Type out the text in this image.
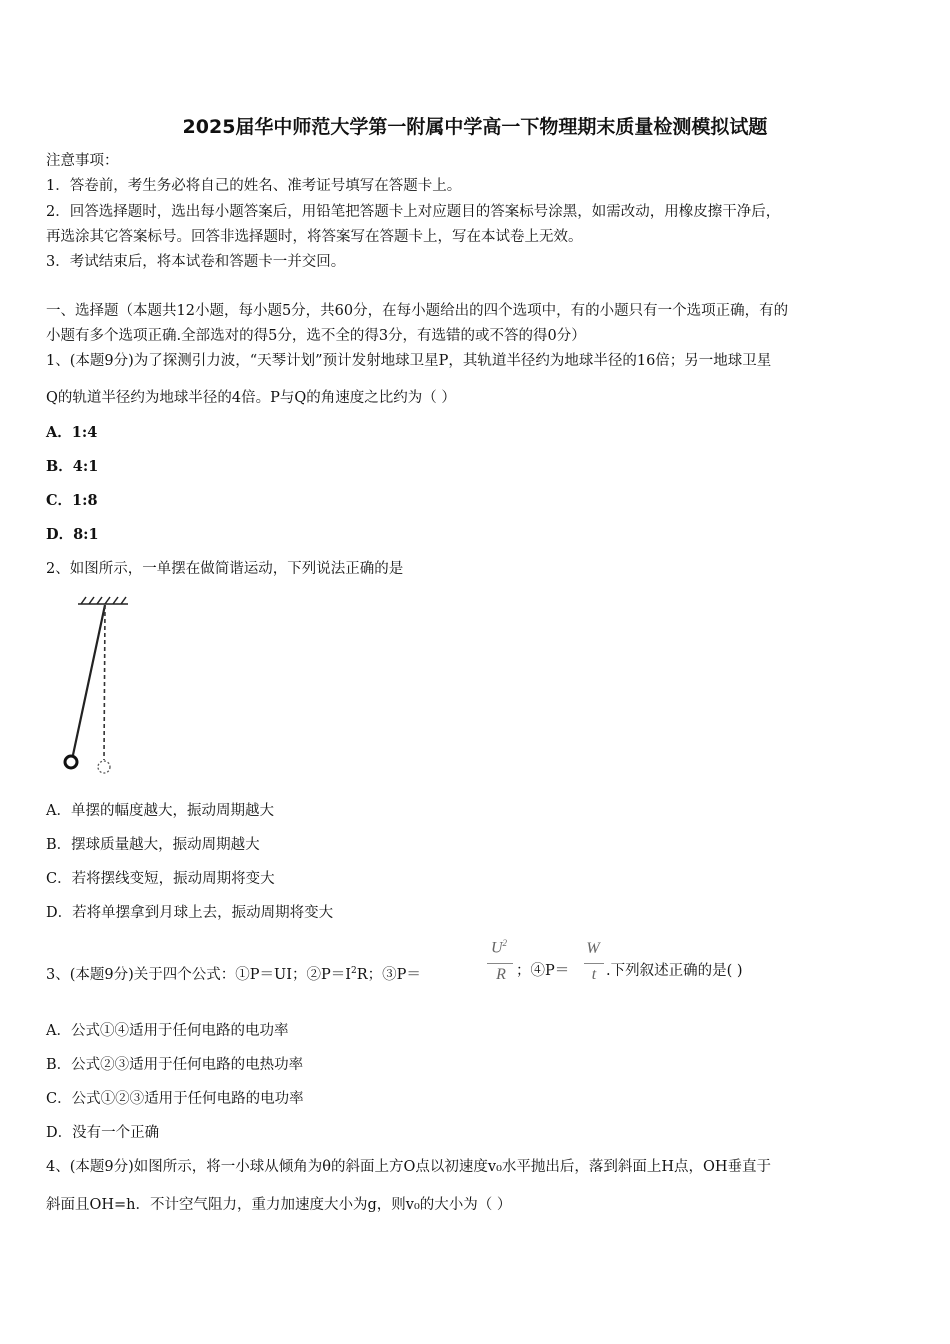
2025届华中师范大学第一附属中学高一下物理期末质量检测模拟试题
注意事项：
1．答卷前，考生务必将自己的姓名、准考证号填写在答题卡上。
2．回答选择题时，选出每小题答案后，用铅笔把答题卡上对应题目的答案标号涂黑，如需改动，用橡皮擦干净后，
再选涂其它答案标号。回答非选择题时，将答案写在答题卡上，写在本试卷上无效。
3．考试结束后，将本试卷和答题卡一并交回。
一、选择题（本题共12小题，每小题5分，共60分，在每小题给出的四个选项中，有的小题只有一个选项正确，有的
小题有多个选项正确.全部选对的得5分，选不全的得3分，有选错的或不答的得0分）
1、(本题9分)为了探测引力波，“天琴计划”预计发射地球卫星P，其轨道半径约为地球半径的16倍；另一地球卫星
Q的轨道半径约为地球半径的4倍。P与Q的角速度之比约为（ ）
A．1:4
B．4:1
C．1:8
D．8:1
2、如图所示，一单摆在做简谐运动，下列说法正确的是
A．单摆的幅度越大，振动周期越大
B．摆球质量越大，振动周期越大
C．若将摆线变短，振动周期将变大
D．若将单摆拿到月球上去，振动周期将变大
3、(本题9分)关于四个公式：①P＝UI；$②P=I^2R$；③P＝
$U^2$
R ；④P＝
W
t .下列叙述正确的是( )
A．公式①④适用于任何电路的电功率
B．公式②③适用于任何电路的电热功率
C．公式①②③适用于任何电路的电功率
D．没有一个正确
4、(本题9分)如图所示，将一小球从倾角为θ的斜面上方O点以初速度v₀水平抛出后，落到斜面上H点，OH垂直于
斜面且OH=h．不计空气阻力，重力加速度大小为g，则v₀的大小为（ ）
